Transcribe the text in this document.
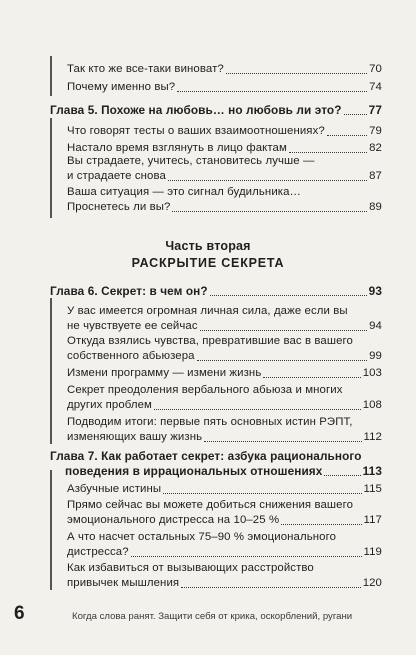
Так кто же все-таки виноват?	70
Почему именно вы?	74
Глава 5. Похоже на любовь… но любовь ли это? 77
Что говорят тесты о ваших взаимоотношениях?	79
Настало время взглянуть в лицо фактам	82
Вы страдаете, учитесь, становитесь лучше —
и страдаете снова	87
Ваша ситуация — это сигнал будильника…
Проснетесь ли вы?	89
Часть вторая
РАСКРЫТИЕ СЕКРЕТА
Глава 6. Секрет: в чем он?	93
У вас имеется огромная личная сила, даже если вы
не чувствуете ее сейчас	94
Откуда взялись чувства, превратившие вас в вашего
собственного абьюзера	99
Измени программу — измени жизнь	103
Секрет преодоления вербального абьюза и многих
других проблем	108
Подводим итоги: первые пять основных истин РЭПТ,
изменяющих вашу жизнь	112
Глава 7. Как работает секрет: азбука рационального
поведения в иррациональных отношениях	113
Азбучные истины	115
Прямо сейчас вы можете добиться снижения вашего
эмоционального дистресса на 10–25 %	117
А что насчет остальных 75–90 % эмоционального
дистресса?	119
Как избавиться от вызывающих расстройство
привычек мышления	120
6	Когда слова ранят. Защити себя от крика, оскорблений, ругани
